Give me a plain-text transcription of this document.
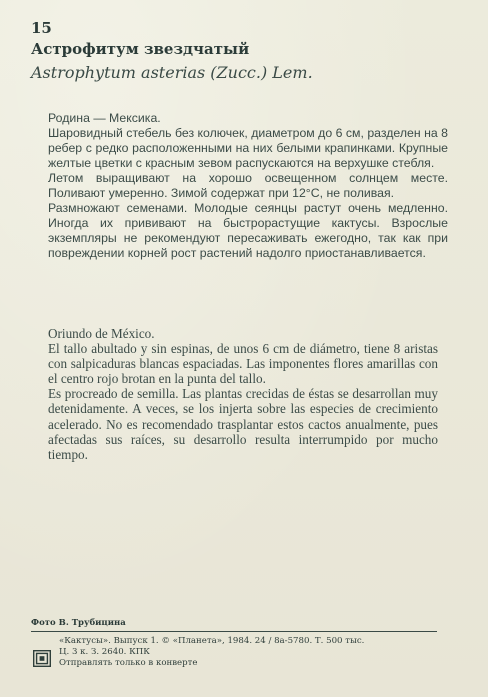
15
Астрофитум звездчатый
Astrophytum asterias (Zucc.) Lem.

Родина — Мексика.

Шаровидный стебель без колючек, диаметром до 6 см, разделен на 8 ребер с редко расположенными на них белыми крапинками. Крупные желтые цветки с красным зевом распускаются на верхушке стебля.

Летом выращивают на хорошо освещенном солнцем месте. Поливают умеренно. Зимой содержат при 12°C, не поливая.

Размножают семенами. Молодые сеянцы растут очень медленно. Иногда их прививают на быстрорастущие кактусы. Взрослые экземпляры не рекомендуют пересаживать ежегодно, так как при повреждении корней рост растений надолго приостанавливается.

Oriundo de México.

El tallo abultado y sin espinas, de unos 6 cm de diámetro, tiene 8 aristas con salpicaduras blancas espaciadas. Las imponentes flores amarillas con el centro rojo brotan en la punta del tallo.

Es procreado de semilla. Las plantas crecidas de éstas se desarrollan muy detenidamente. A veces, se los injerta sobre las especies de crecimiento acelerado. No es recomendado trasplantar estos cactos anualmente, pues afectadas sus raíces, su desarrollo resulta interrumpido por mucho tiempo.

Фото В. Трубицина
«Кактусы». Выпуск 1. © «Планета», 1984. 24 / 8а-5780. Т. 500 тыс.
Ц. 3 к. З. 2640. КПК
Отправлять только в конверте
